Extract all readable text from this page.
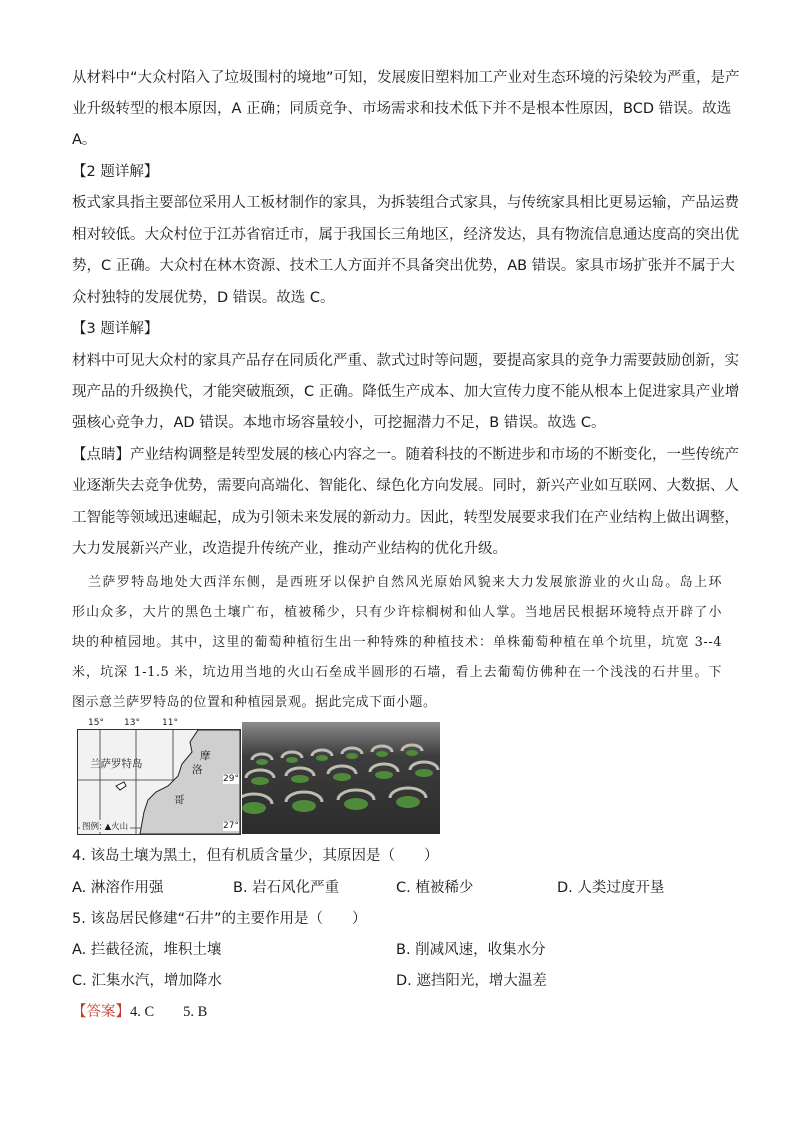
从材料中“大众村陷入了垃圾围村的境地”可知，发展废旧塑料加工产业对生态环境的污染较为严重，是产
业升级转型的根本原因，A 正确；同质竞争、市场需求和技术低下并不是根本性原因，BCD 错误。故选
A。
【2 题详解】
板式家具指主要部位采用人工板材制作的家具，为拆装组合式家具，与传统家具相比更易运输，产品运费
相对较低。大众村位于江苏省宿迁市，属于我国长三角地区，经济发达，具有物流信息通达度高的突出优
势，C 正确。大众村在林木资源、技术工人方面并不具备突出优势，AB 错误。家具市场扩张并不属于大
众村独特的发展优势，D 错误。故选 C。
【3 题详解】
材料中可见大众村的家具产品存在同质化严重、款式过时等问题，要提高家具的竞争力需要鼓励创新，实
现产品的升级换代，才能突破瓶颈，C 正确。降低生产成本、加大宣传力度不能从根本上促进家具产业增
强核心竞争力，AD 错误。本地市场容量较小，可挖掘潜力不足，B 错误。故选 C。
【点睛】产业结构调整是转型发展的核心内容之一。随着科技的不断进步和市场的不断变化，一些传统产
业逐渐失去竞争优势，需要向高端化、智能化、绿色化方向发展。同时，新兴产业如互联网、大数据、人
工智能等领域迅速崛起，成为引领未来发展的新动力。因此，转型发展要求我们在产业结构上做出调整，
大力发展新兴产业，改造提升传统产业，推动产业结构的优化升级。
兰萨罗特岛地处大西洋东侧，是西班牙以保护自然风光原始风貌来大力发展旅游业的火山岛。岛上环
形山众多，大片的黑色土壤广布，植被稀少，只有少许棕榈树和仙人掌。当地居民根据环境特点开辟了小
块的种植园地。其中，这里的葡萄种植衍生出一种特殊的种植技术：单株葡萄种植在单个坑里，坑宽 3--4
米，坑深 1-1.5 米，坑边用当地的火山石垒成半圆形的石墙，看上去葡萄仿佛种在一个浅浅的石井里。下
图示意兰萨罗特岛的位置和种植园景观。据此完成下面小题。
兰萨罗特岛
摩
洛
哥
图例: ▲火山
15° 13° 11°
29°
27°
4. 该岛土壤为黑土，但有机质含量少，其原因是（　　）
A. 淋溶作用强	B. 岩石风化严重	C. 植被稀少	D. 人类过度开垦
5. 该岛居民修建“石井”的主要作用是（　　）
A. 拦截径流，堆积土壤	B. 削减风速，收集水分
C. 汇集水汽，增加降水	D. 遮挡阳光，增大温差
【答案】4. C　　5. B
